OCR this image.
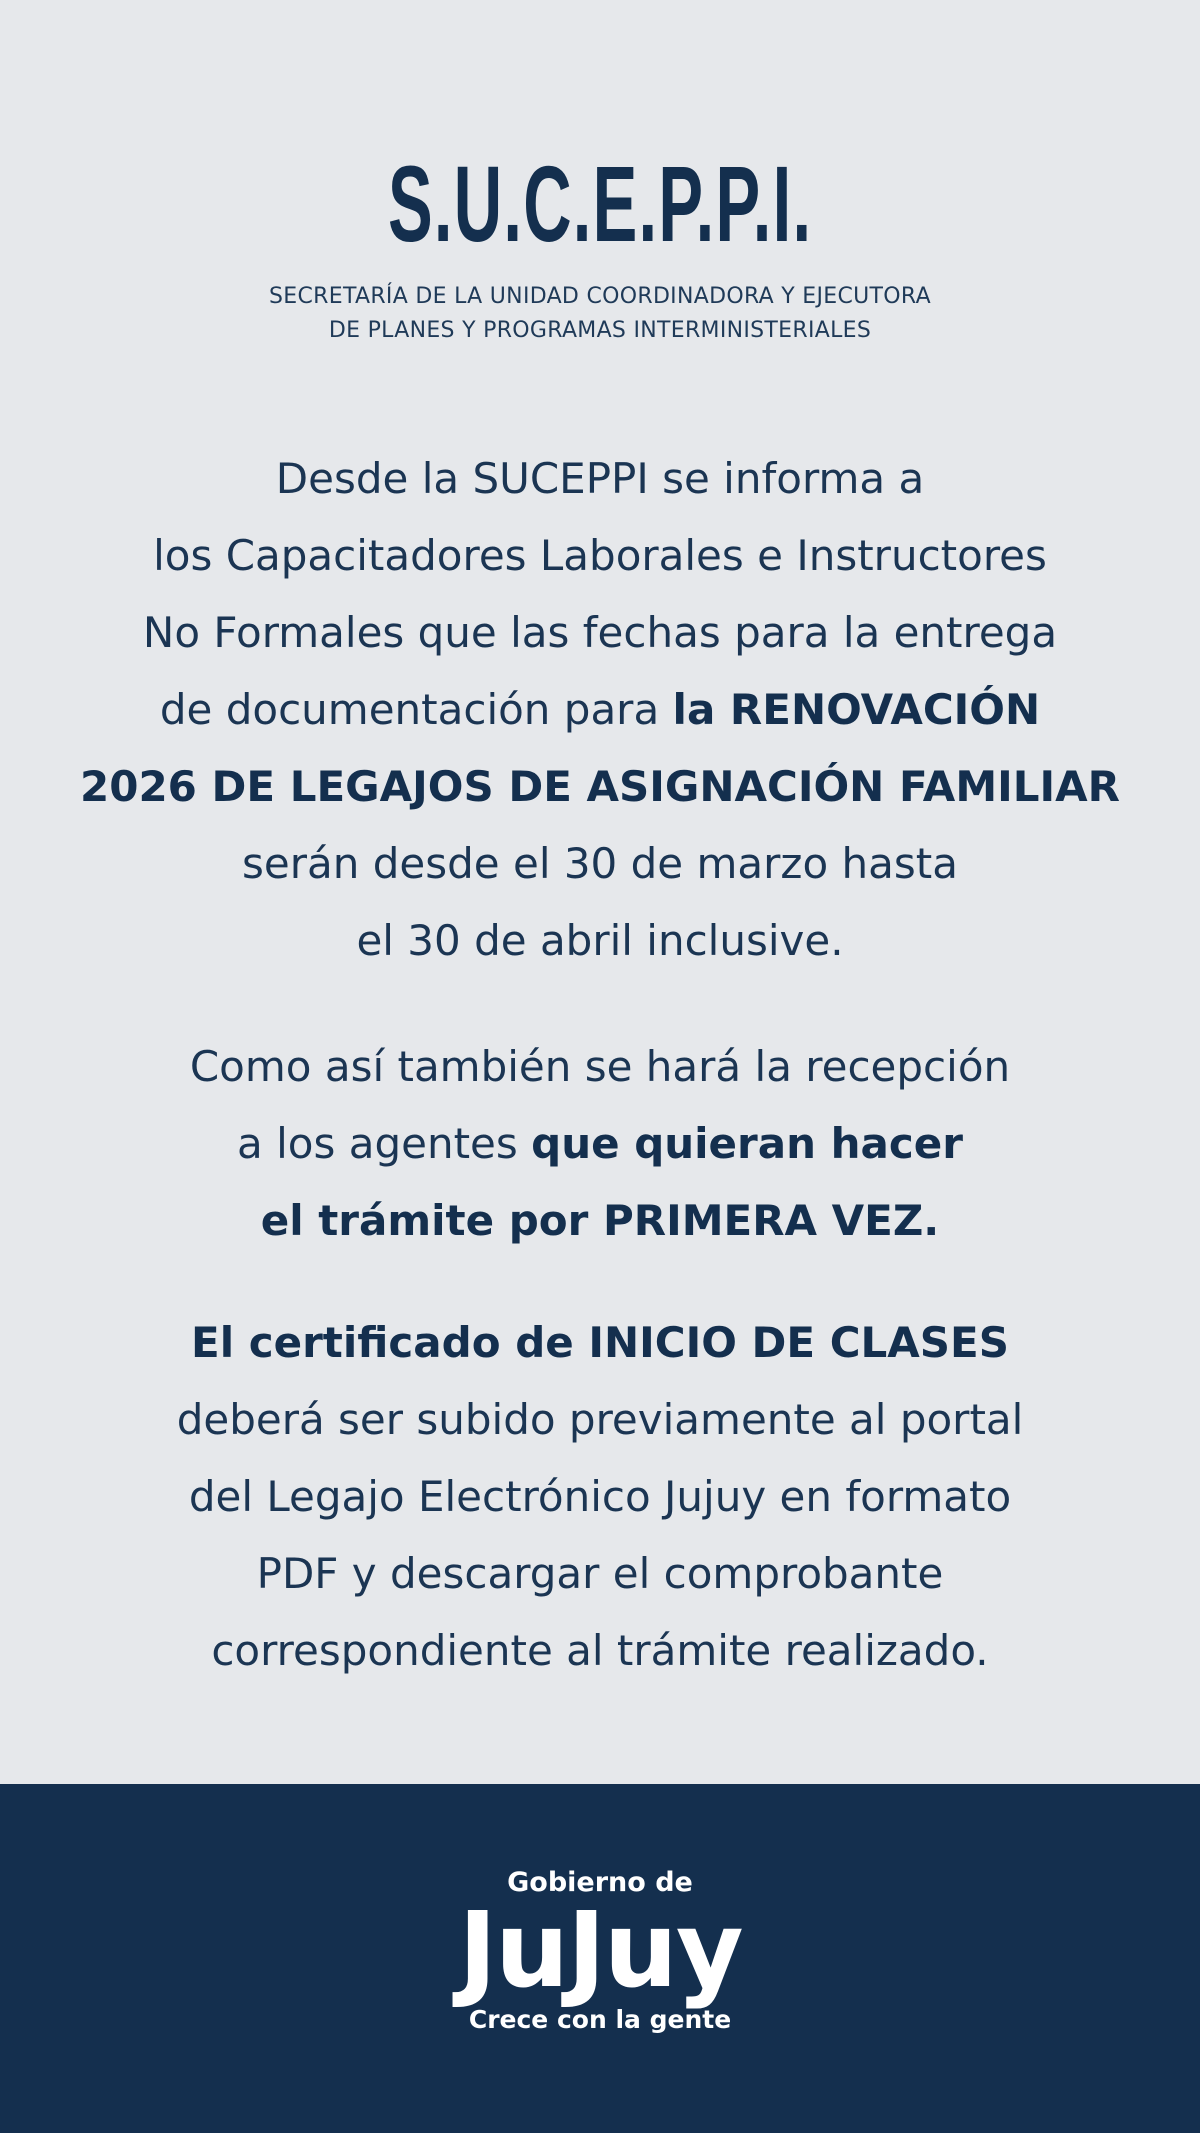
S.U.C.E.P.P.I.
SECRETARÍA DE LA UNIDAD COORDINADORA Y EJECUTORA
DE PLANES Y PROGRAMAS INTERMINISTERIALES
Desde la SUCEPPI se informa a
los Capacitadores Laborales e Instructores
No Formales que las fechas para la entrega
de documentación para la RENOVACIÓN
2026 DE LEGAJOS DE ASIGNACIÓN FAMILIAR
serán desde el 30 de marzo hasta
el 30 de abril inclusive.
Como así también se hará la recepción
a los agentes que quieran hacer
el trámite por PRIMERA VEZ.
El certificado de INICIO DE CLASES
deberá ser subido previamente al portal
del Legajo Electrónico Jujuy en formato
PDF y descargar el comprobante
correspondiente al trámite realizado.
Gobierno de
JuJuy
Crece con la gente
